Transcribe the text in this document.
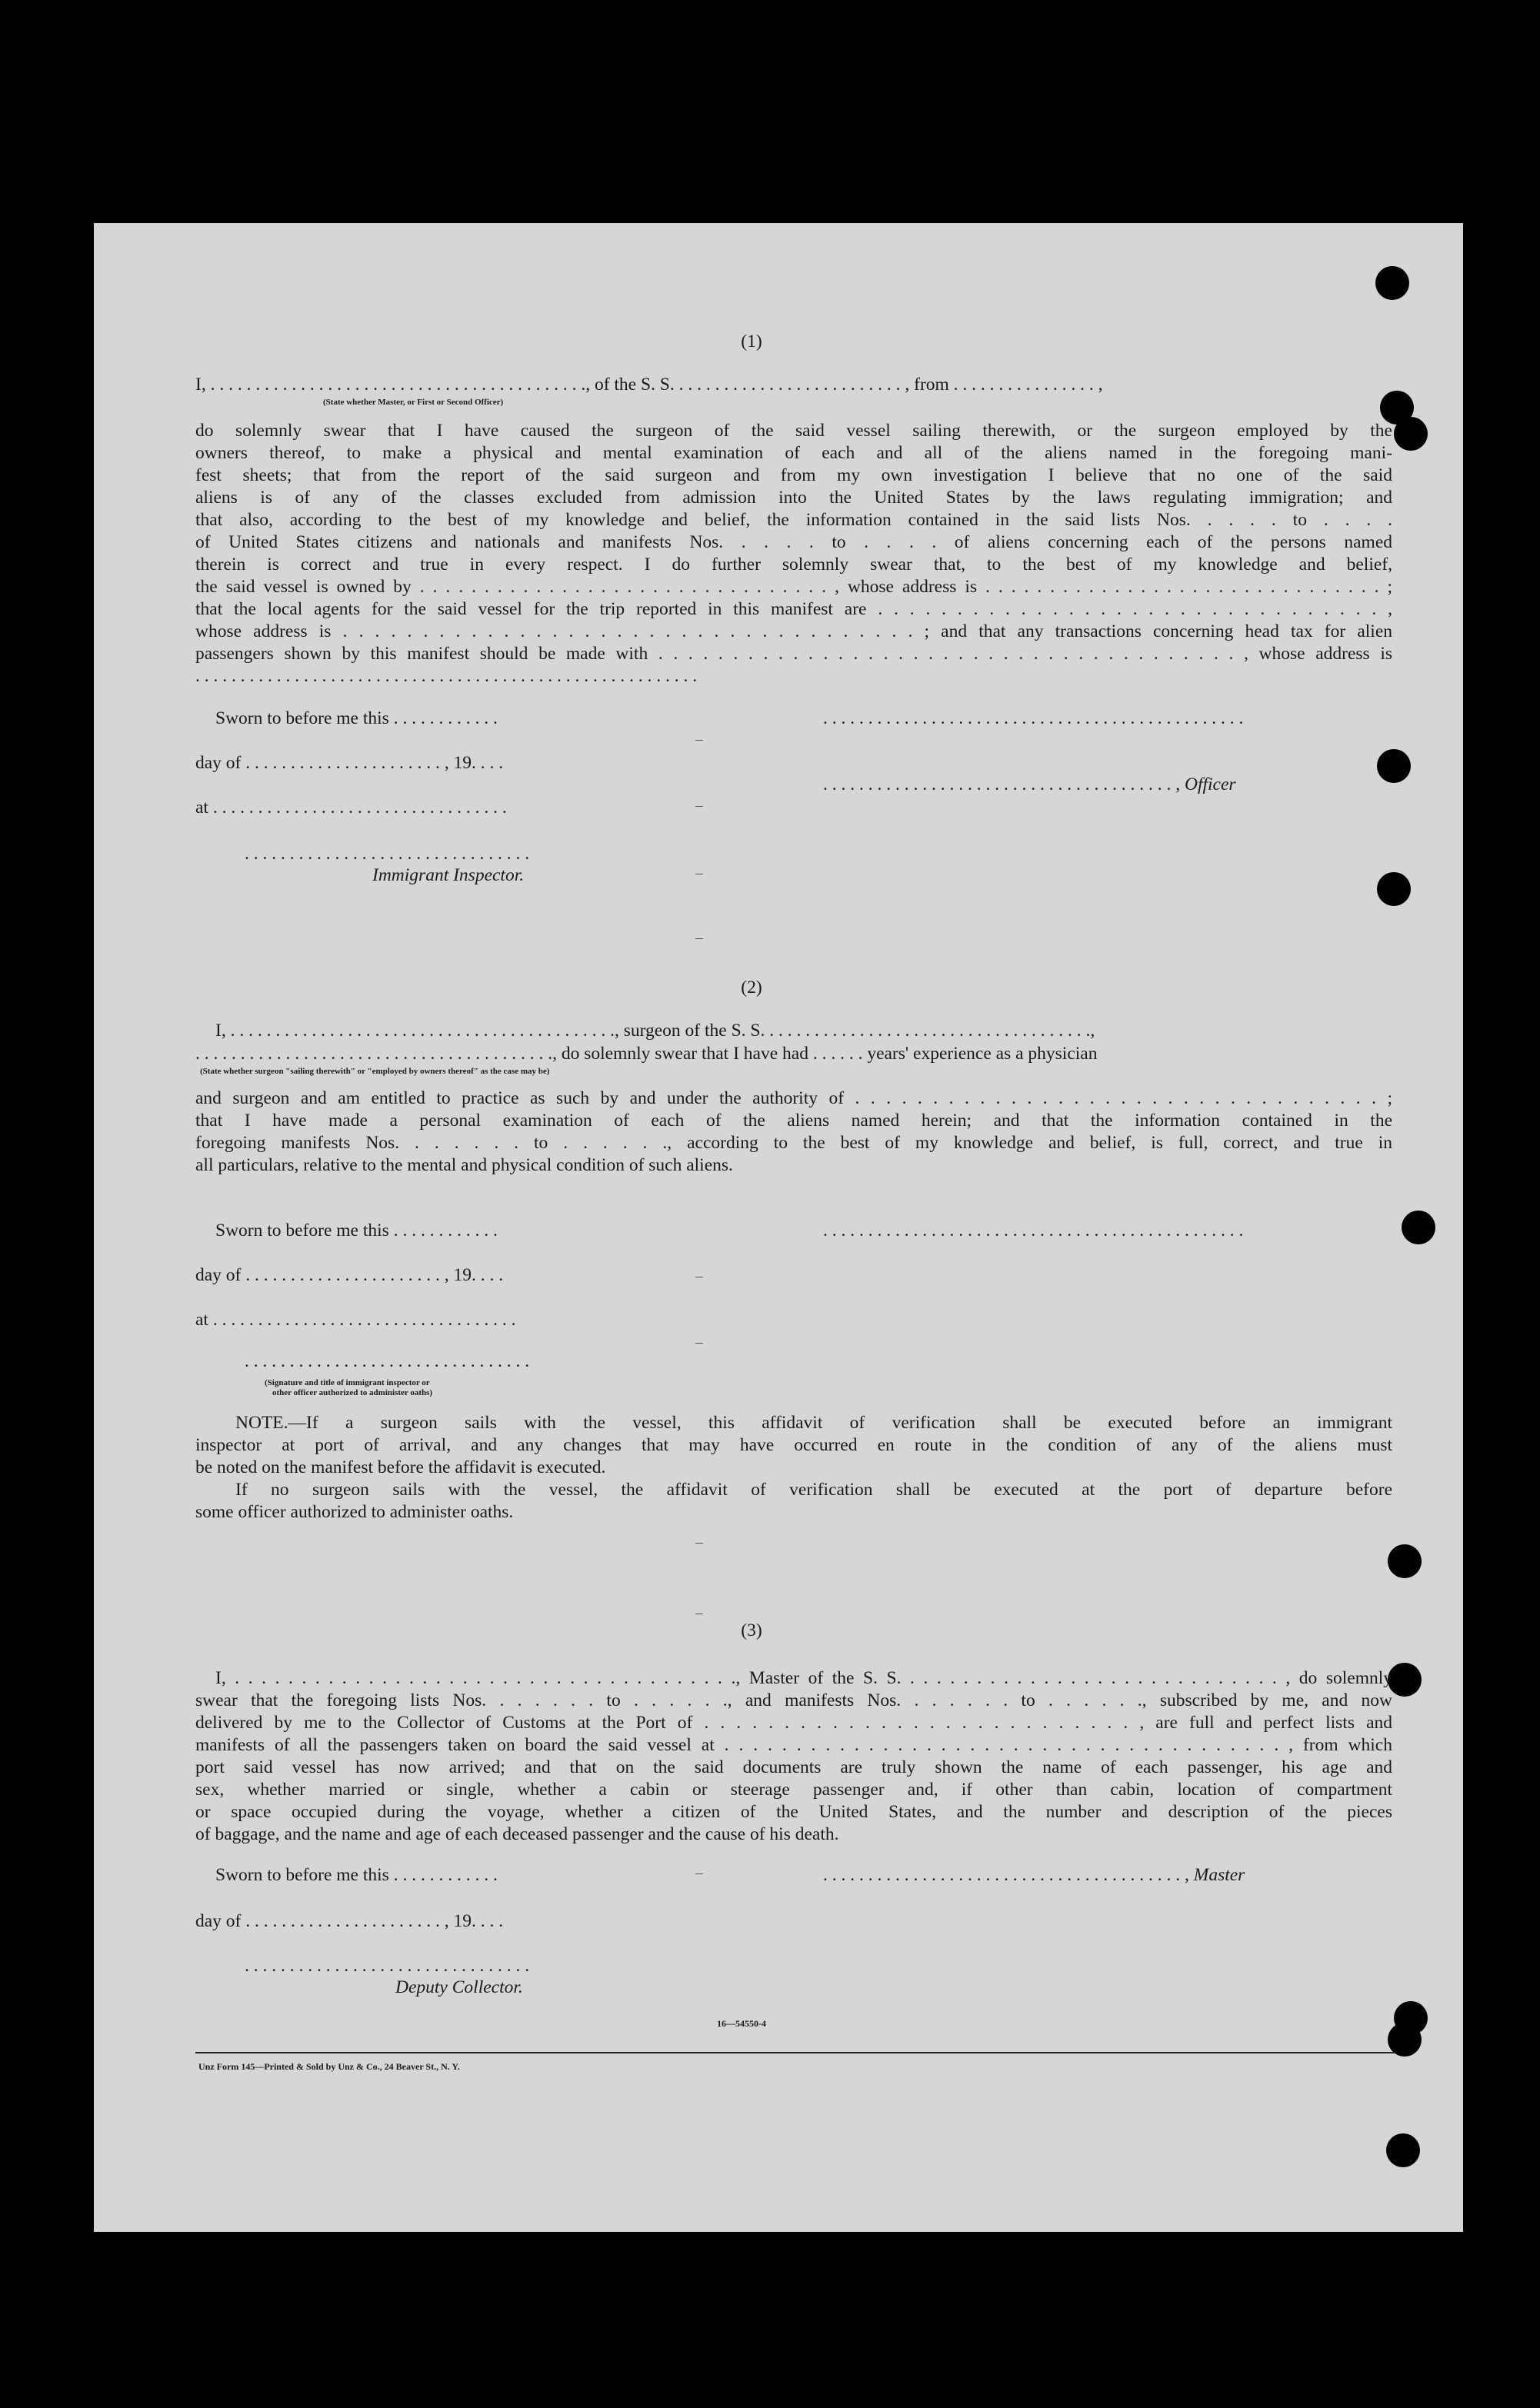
(1)
I, . . . . . . . . . . . . . . . . . . . . . . . . . . . . . . . . . . . . . . . . . ., of the S. S. . . . . . . . . . . . . . . . . . . . . . . . . . , from . . . . . . . . . . . . . . . . ,
(State whether Master, or First or Second Officer)
do solemnly swear that I have caused the surgeon of the said vessel sailing therewith, or the surgeon employed by the
owners thereof, to make a physical and mental examination of each and all of the aliens named in the foregoing mani-
fest sheets; that from the report of the said surgeon and from my own investigation I believe that no one of the said
aliens is of any of the classes excluded from admission into the United States by the laws regulating immigration; and
that also, according to the best of my knowledge and belief, the information contained in the said lists Nos. . . . . to . . . .
of United States citizens and nationals and manifests Nos. . . . . to . . . . of aliens concerning each of the persons named
therein is correct and true in every respect. I do further solemnly swear that, to the best of my knowledge and belief,
the said vessel is owned by . . . . . . . . . . . . . . . . . . . . . . . . . . . . . . . . , whose address is . . . . . . . . . . . . . . . . . . . . . . . . . . . . . . . ;
that the local agents for the said vessel for the trip reported in this manifest are . . . . . . . . . . . . . . . . . . . . . . . . . . . . . . . . ,
whose address is . . . . . . . . . . . . . . . . . . . . . . . . . . . . . . . . . . . . ; and that any transactions concerning head tax for alien
passengers shown by this manifest should be made with . . . . . . . . . . . . . . . . . . . . . . . . . . . . . . . . . . . . . . . , whose address is
. . . . . . . . . . . . . . . . . . . . . . . . . . . . . . . . . . . . . . . . . . . . . . . . . . . . . . . .
Sworn to before me this . . . . . . . . . . . .	. . . . . . . . . . . . . . . . . . . . . . . . . . . . . . . . . . . . . . . . . . . . . . .
day of . . . . . . . . . . . . . . . . . . . . . . , 19. . . .
. . . . . . . . . . . . . . . . . . . . . . . . . . . . . . . . . . . . . . . , Officer
at . . . . . . . . . . . . . . . . . . . . . . . . . . . . . . . . .
. . . . . . . . . . . . . . . . . . . . . . . . . . . . . . . .
Immigrant Inspector.
(2)
I, . . . . . . . . . . . . . . . . . . . . . . . . . . . . . . . . . . . . . . . . . . ., surgeon of the S. S. . . . . . . . . . . . . . . . . . . . . . . . . . . . . . . . . . . . .,
. . . . . . . . . . . . . . . . . . . . . . . . . . . . . . . . . . . . . . . ., do solemnly swear that I have had . . . . . . years' experience as a physician
(State whether surgeon "sailing therewith" or "employed by owners thereof" as the case may be)
and surgeon and am entitled to practice as such by and under the authority of . . . . . . . . . . . . . . . . . . . . . . . . . . . . . . . . . . ;
that I have made a personal examination of each of the aliens named herein; and that the information contained in the
foregoing manifests Nos. . . . . . . to . . . . . ., according to the best of my knowledge and belief, is full, correct, and true in
all particulars, relative to the mental and physical condition of such aliens.
Sworn to before me this . . . . . . . . . . . .	. . . . . . . . . . . . . . . . . . . . . . . . . . . . . . . . . . . . . . . . . . . . . . .
day of . . . . . . . . . . . . . . . . . . . . . . , 19. . . .
at . . . . . . . . . . . . . . . . . . . . . . . . . . . . . . . . . .
. . . . . . . . . . . . . . . . . . . . . . . . . . . . . . . .
(Signature and title of immigrant inspector or
other officer authorized to administer oaths)
NOTE.—If a surgeon sails with the vessel, this affidavit of verification shall be executed before an immigrant
inspector at port of arrival, and any changes that may have occurred en route in the condition of any of the aliens must
be noted on the manifest before the affidavit is executed.
If no surgeon sails with the vessel, the affidavit of verification shall be executed at the port of departure before
some officer authorized to administer oaths.
(3)
I, . . . . . . . . . . . . . . . . . . . . . . . . . . . . . . . . . . . . . ., Master of the S. S. . . . . . . . . . . . . . . . . . . . . . . . . . . . . , do solemnly
swear that the foregoing lists Nos. . . . . . . to . . . . . ., and manifests Nos. . . . . . . to . . . . . ., subscribed by me, and now
delivered by me to the Collector of Customs at the Port of . . . . . . . . . . . . . . . . . . . . . . . . . . . , are full and perfect lists and
manifests of all the passengers taken on board the said vessel at . . . . . . . . . . . . . . . . . . . . . . . . . . . . . . . . . . . . . . . , from which
port said vessel has now arrived; and that on the said documents are truly shown the name of each passenger, his age and
sex, whether married or single, whether a cabin or steerage passenger and, if other than cabin, location of compartment
or space occupied during the voyage, whether a citizen of the United States, and the number and description of the pieces
of baggage, and the name and age of each deceased passenger and the cause of his death.
Sworn to before me this . . . . . . . . . . . .	. . . . . . . . . . . . . . . . . . . . . . . . . . . . . . . . . . . . . . . . , Master
day of . . . . . . . . . . . . . . . . . . . . . . , 19. . . .
. . . . . . . . . . . . . . . . . . . . . . . . . . . . . . . .
Deputy Collector.
16—54550-4
Unz Form 145—Printed & Sold by Unz & Co., 24 Beaver St., N. Y.
